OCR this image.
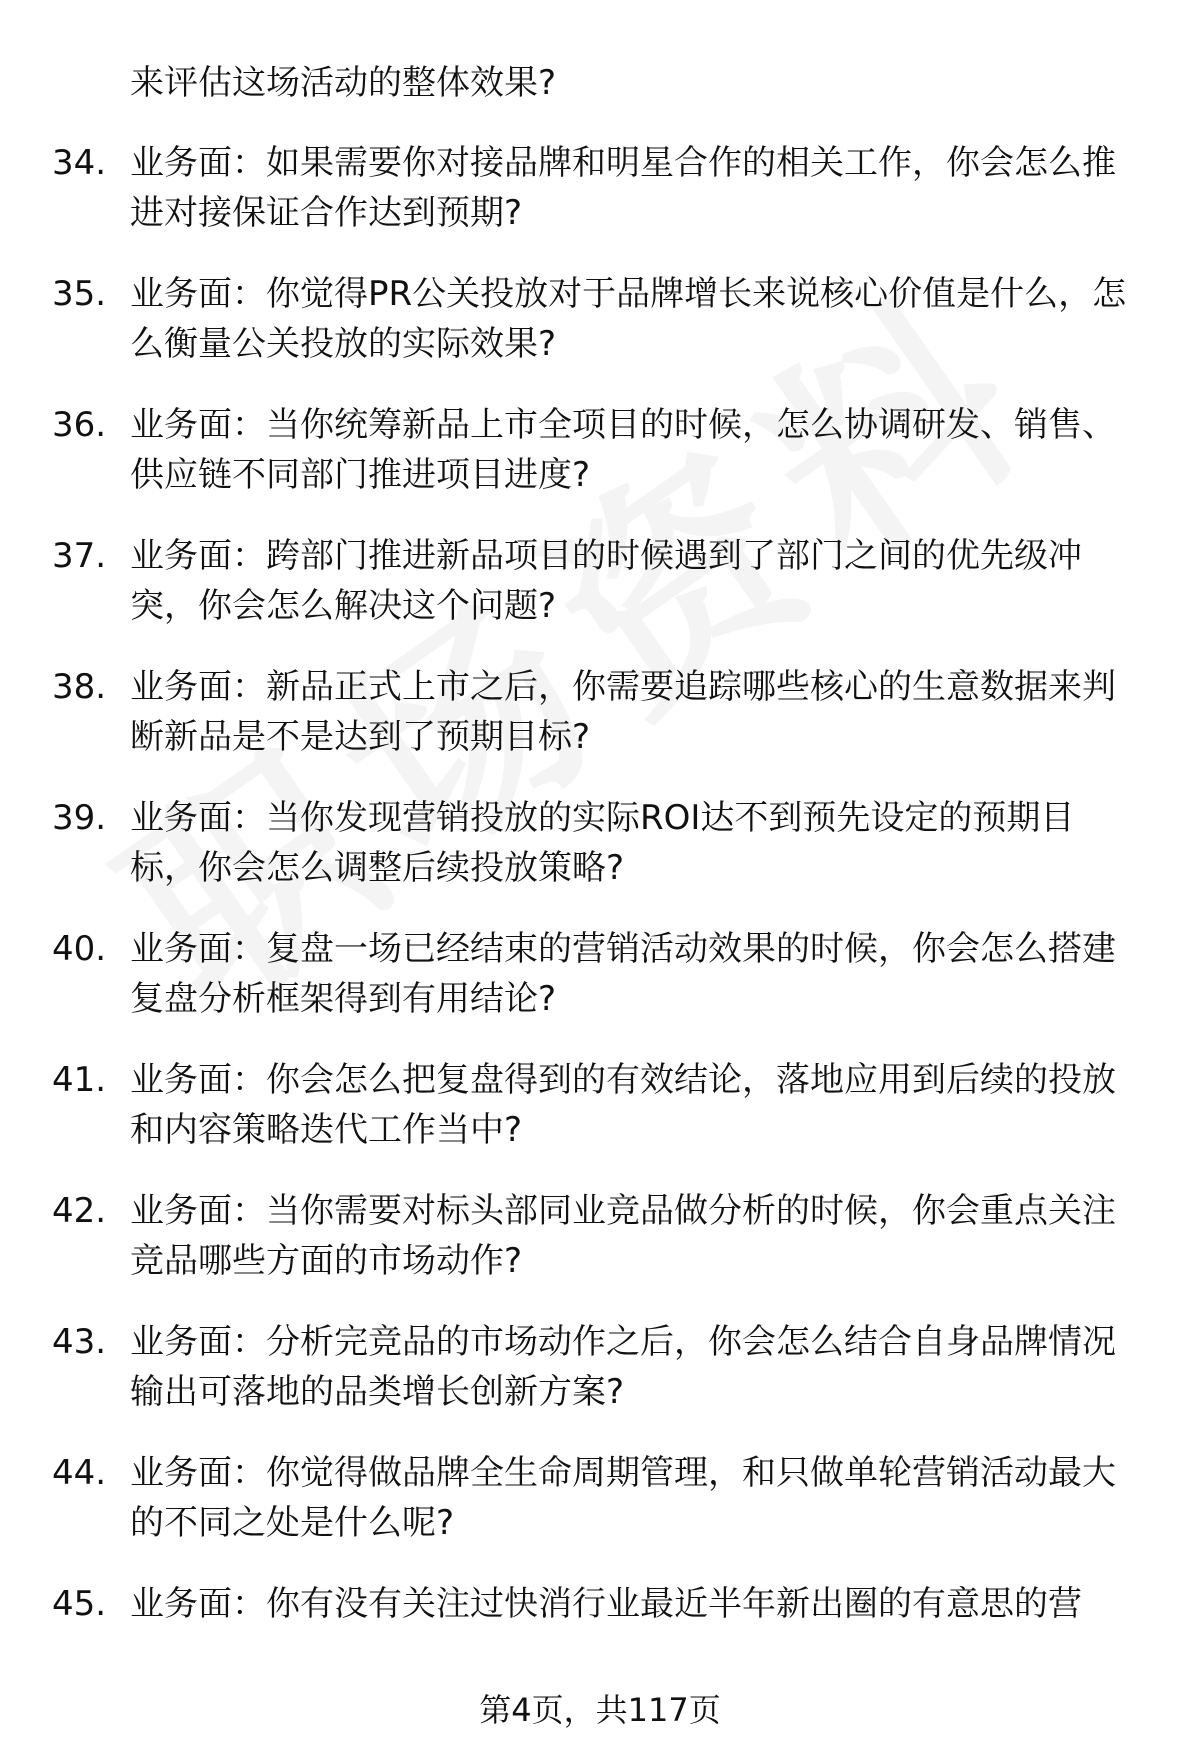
来评估这场活动的整体效果?
34. 业务面：如果需要你对接品牌和明星合作的相关工作，你会怎么推进对接保证合作达到预期?
35. 业务面：你觉得PR公关投放对于品牌增长来说核心价值是什么，怎么衡量公关投放的实际效果?
36. 业务面：当你统筹新品上市全项目的时候，怎么协调研发、销售、供应链不同部门推进项目进度?
37. 业务面：跨部门推进新品项目的时候遇到了部门之间的优先级冲突，你会怎么解决这个问题?
38. 业务面：新品正式上市之后，你需要追踪哪些核心的生意数据来判断新品是不是达到了预期目标?
39. 业务面：当你发现营销投放的实际ROI达不到预先设定的预期目标，你会怎么调整后续投放策略?
40. 业务面：复盘一场已经结束的营销活动效果的时候，你会怎么搭建复盘分析框架得到有用结论?
41. 业务面：你会怎么把复盘得到的有效结论，落地应用到后续的投放和内容策略迭代工作当中?
42. 业务面：当你需要对标头部同业竞品做分析的时候，你会重点关注竞品哪些方面的市场动作?
43. 业务面：分析完竞品的市场动作之后，你会怎么结合自身品牌情况输出可落地的品类增长创新方案?
44. 业务面：你觉得做品牌全生命周期管理，和只做单轮营销活动最大的不同之处是什么呢?
45. 业务面：你有没有关注过快消行业最近半年新出圈的有意思的营
第4页，共117页
